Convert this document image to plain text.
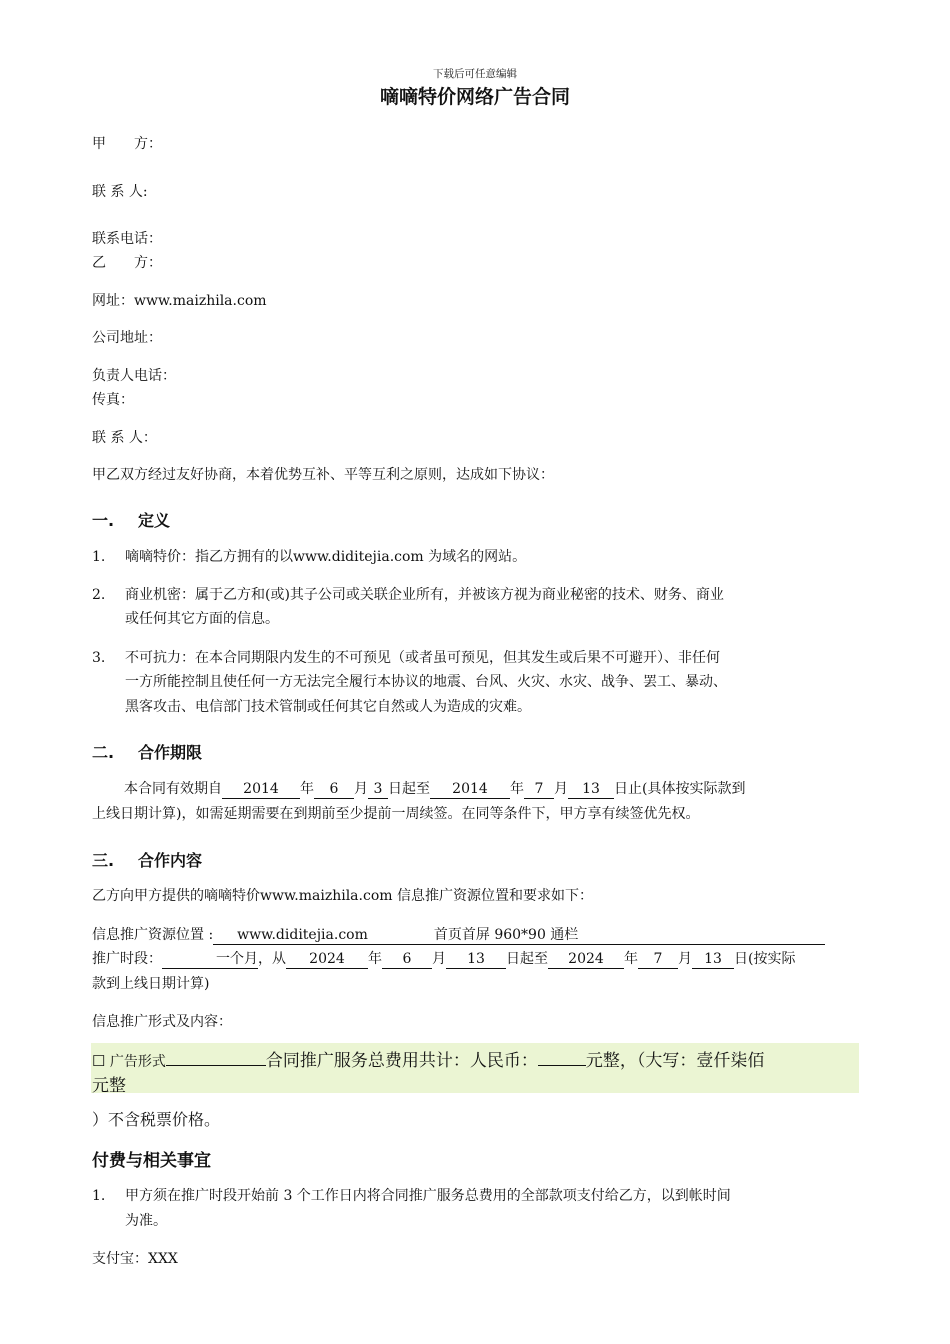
下载后可任意编辑
嘀嘀特价网络广告合同
甲 方：
联 系 人:
联系电话：
乙 方：
网址：www.maizhila.com
公司地址：
负责人电话：
传真：
联 系 人：
甲乙双方经过友好协商，本着优势互补、平等互利之原则，达成如下协议：
一. 定义
1. 嘀嘀特价：指乙方拥有的以www.diditejia.com 为域名的网站。
2. 商业机密：属于乙方和(或)其子公司或关联企业所有，并被该方视为商业秘密的技术、财务、商业
或任何其它方面的信息。
3. 不可抗力：在本合同期限内发生的不可预见（或者虽可预见，但其发生或后果不可避开）、非任何
一方所能控制且使任何一方无法完全履行本协议的地震、台风、火灾、水灾、战争、罢工、暴动、
黑客攻击、电信部门技术管制或任何其它自然或人为造成的灾难。
二. 合作期限
本合同有效期自 2014 年 6 月 3 日起至 2014 年 7 月 13 日止(具体按实际款到
上线日期计算)，如需延期需要在到期前至少提前一周续签。在同等条件下，甲方享有续签优先权。
三. 合作内容
乙方向甲方提供的嘀嘀特价www.maizhila.com 信息推广资源位置和要求如下：
信息推广资源位置 : www.diditejia.com	首页首屏 960*90 通栏
推广时段：	一个月，从 2024 年 6 月 13 日起至 2024 年 7 月 13 日(按实际
款到上线日期计算)
信息推广形式及内容：
☐ 广告形式	合同推广服务总费用共计：人民币：	元整，（大写：壹仟柒佰
元整
）不含税票价格。
付费与相关事宜
1. 甲方须在推广时段开始前 3 个工作日内将合同推广服务总费用的全部款项支付给乙方，以到帐时间
为准。
支付宝：XXX
